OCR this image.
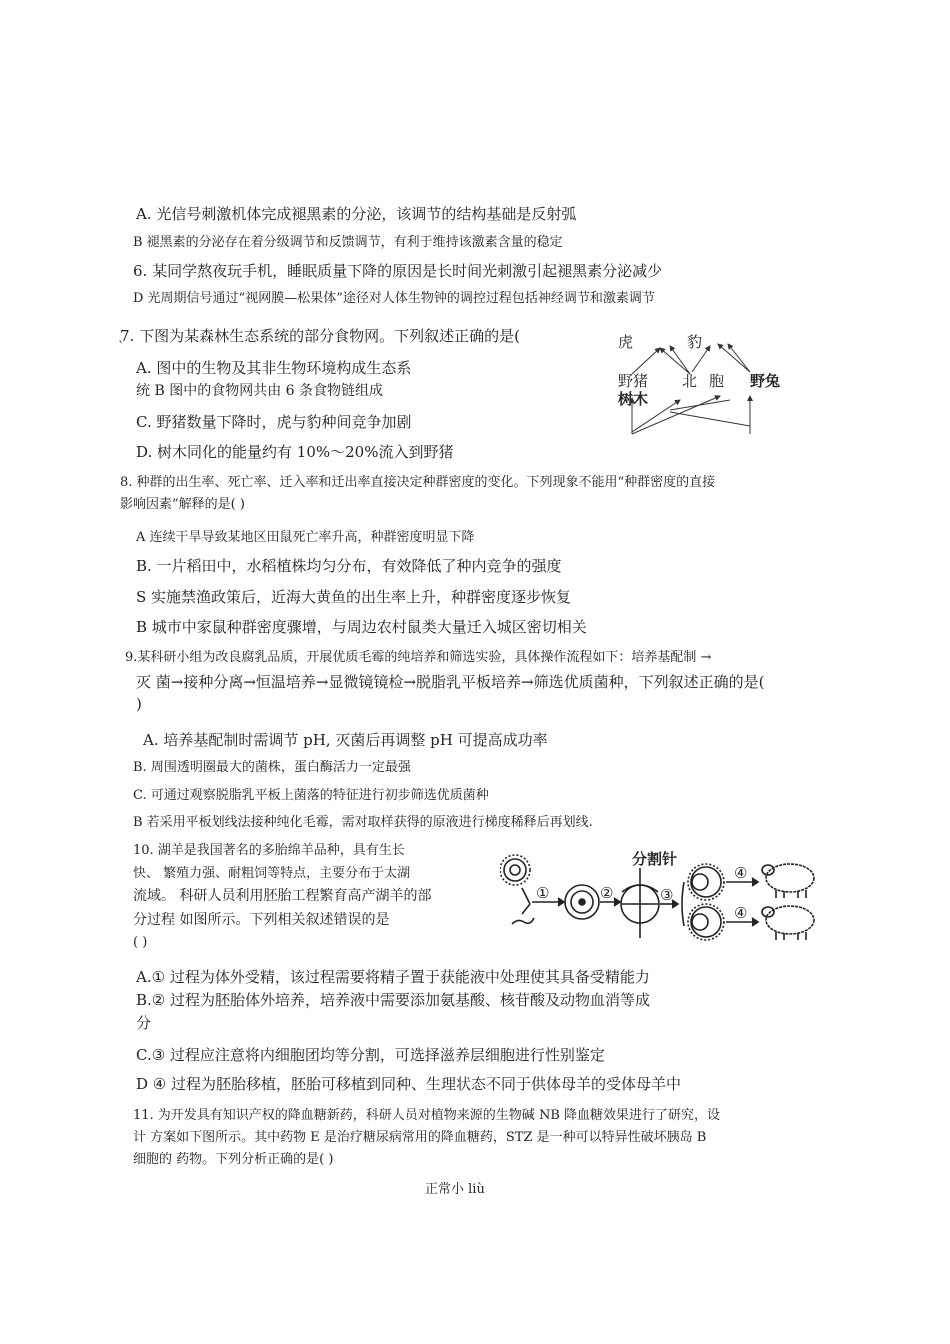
A. 光信号刺激机体完成褪黑素的分泌，该调节的结构基础是反射弧
B 褪黑素的分泌存在着分级调节和反馈调节，有利于维持该激素含量的稳定
6. 某同学熬夜玩手机，睡眠质量下降的原因是长时间光刺激引起褪黑素分泌减少
D 光周期信号通过“视网膜—松果体”途径对人体生物钟的调控过程包括神经调节和激素调节
7. 下图为某森林生态系统的部分食物网。下列叙述正确的是(
`
A. 图中的生物及其非生物环境构成生态系
统 B 图中的食物网共由 6 条食物链组成
C. 野猪数量下降时，虎与豹种间竞争加剧
D. 树木同化的能量约有 10%～20%流入到野猪
虎	豹
野猪 北 胞 野兔
树木
8. 种群的出生率、死亡率、迁入率和迁出率直接决定种群密度的变化。下列现象不能用“种群密度的直接
影响因素”解释的是( )
A 连续干旱导致某地区田鼠死亡率升高，种群密度明显下降
B. 一片稻田中，水稻植株均匀分布，有效降低了种内竞争的强度
S 实施禁渔政策后，近海大黄鱼的出生率上升，种群密度逐步恢复
B 城市中家鼠种群密度骤增，与周边农村鼠类大量迁入城区密切相关
9.某科研小组为改良腐乳品质，开展优质毛霉的纯培养和筛选实验，具体操作流程如下：培养基配制 →
灭 菌→接种分离→恒温培养→显微镜镜检→脱脂乳平板培养→筛选优质菌种，下列叙述正确的是(
)
A. 培养基配制时需调节 pH, 灭菌后再调整 pH 可提高成功率
B. 周围透明圈最大的菌株，蛋白酶活力一定最强
C. 可通过观察脱脂乳平板上菌落的特征进行初步筛选优质菌种
B 若采用平板划线法接种纯化毛霉，需对取样获得的原液进行梯度稀释后再划线.
10. 湖羊是我国著名的多胎绵羊品种，具有生长
快、 繁殖力强、耐粗饲等特点，主要分布于太湖
流域。 科研人员利用胚胎工程繁育高产湖羊的部
分过程 如图所示。下列相关叙述错误的是
( )
分割针
①	②	③
④
④
A.① 过程为体外受精，该过程需要将精子置于获能液中处理使其具备受精能力
B.② 过程为胚胎体外培养，培养液中需要添加氨基酸、核苷酸及动物血消等成
分
C.③ 过程应注意将内细胞团均等分割，可选择滋养层细胞进行性别鉴定
D ④ 过程为胚胎移植，胚胎可移植到同种、生理状态不同于供体母羊的受体母羊中
11. 为开发具有知识产权的降血糖新药，科研人员对植物来源的生物碱 NB 降血糖效果进行了研究，设
计 方案如下图所示。其中药物 E 是治疗糖尿病常用的降血糖药，STZ 是一种可以特异性破坏胰岛 B
细胞的 药物。下列分析正确的是( )
正常小 liù
